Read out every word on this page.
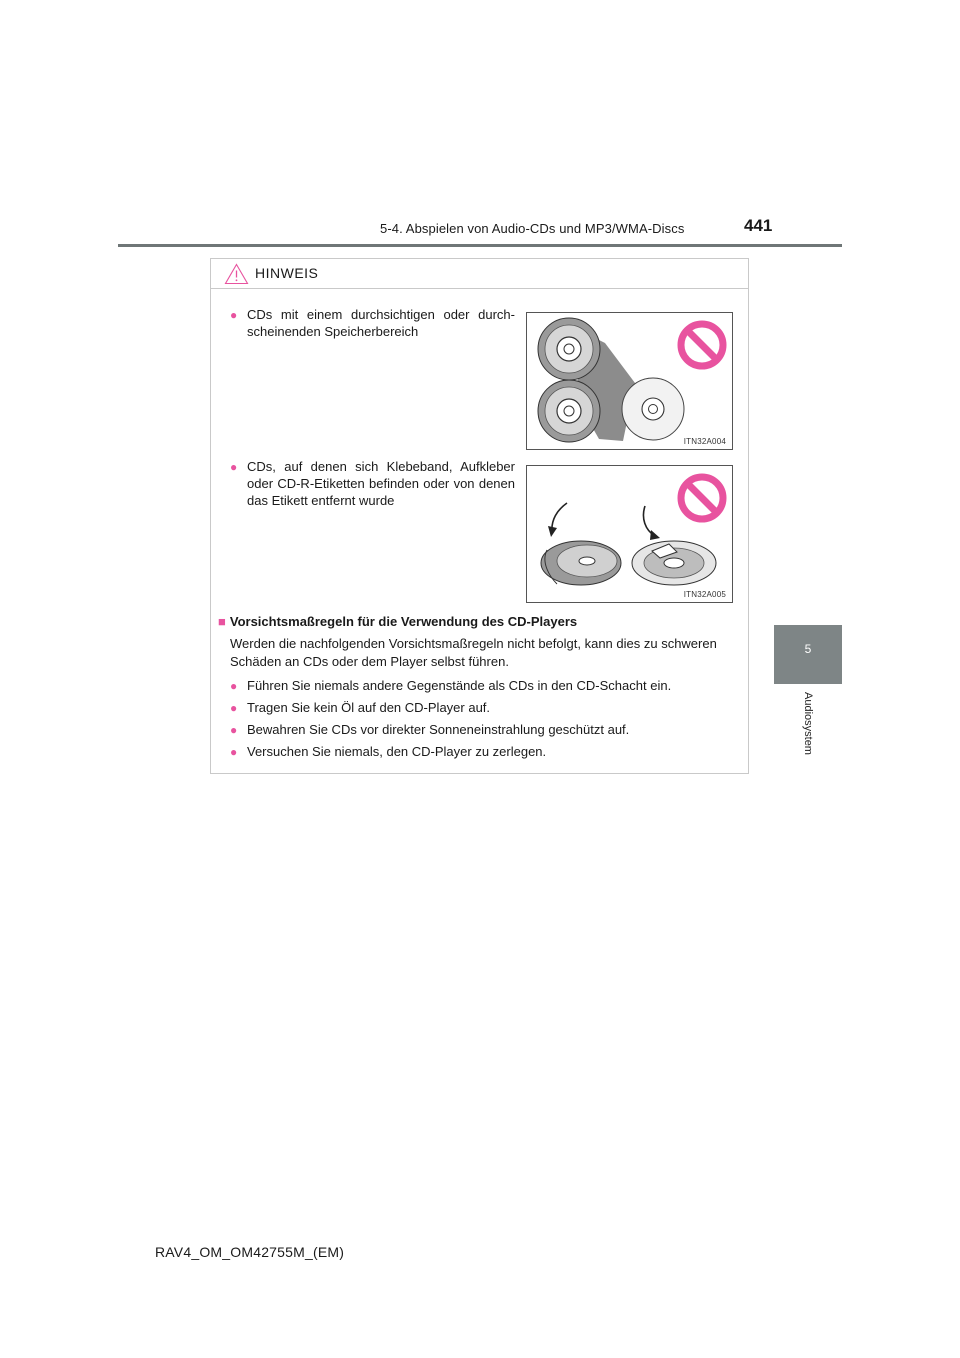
5-4. Abspielen von Audio-CDs und MP3/WMA-Discs	441
5
Audiosystem
HINWEIS
● CDs mit einem durchsichtigen oder durch-scheinenden Speicherbereich
ITN32A004
● CDs, auf denen sich Klebeband, Aufkleber oder CD-R-Etiketten befinden oder von denen das Etikett entfernt wurde
ITN32A005
■ Vorsichtsmaßregeln für die Verwendung des CD-Players
Werden die nachfolgenden Vorsichtsmaßregeln nicht befolgt, kann dies zu schweren Schäden an CDs oder dem Player selbst führen.
● Führen Sie niemals andere Gegenstände als CDs in den CD-Schacht ein.
● Tragen Sie kein Öl auf den CD-Player auf.
● Bewahren Sie CDs vor direkter Sonneneinstrahlung geschützt auf.
● Versuchen Sie niemals, den CD-Player zu zerlegen.
RAV4_OM_OM42755M_(EM)
